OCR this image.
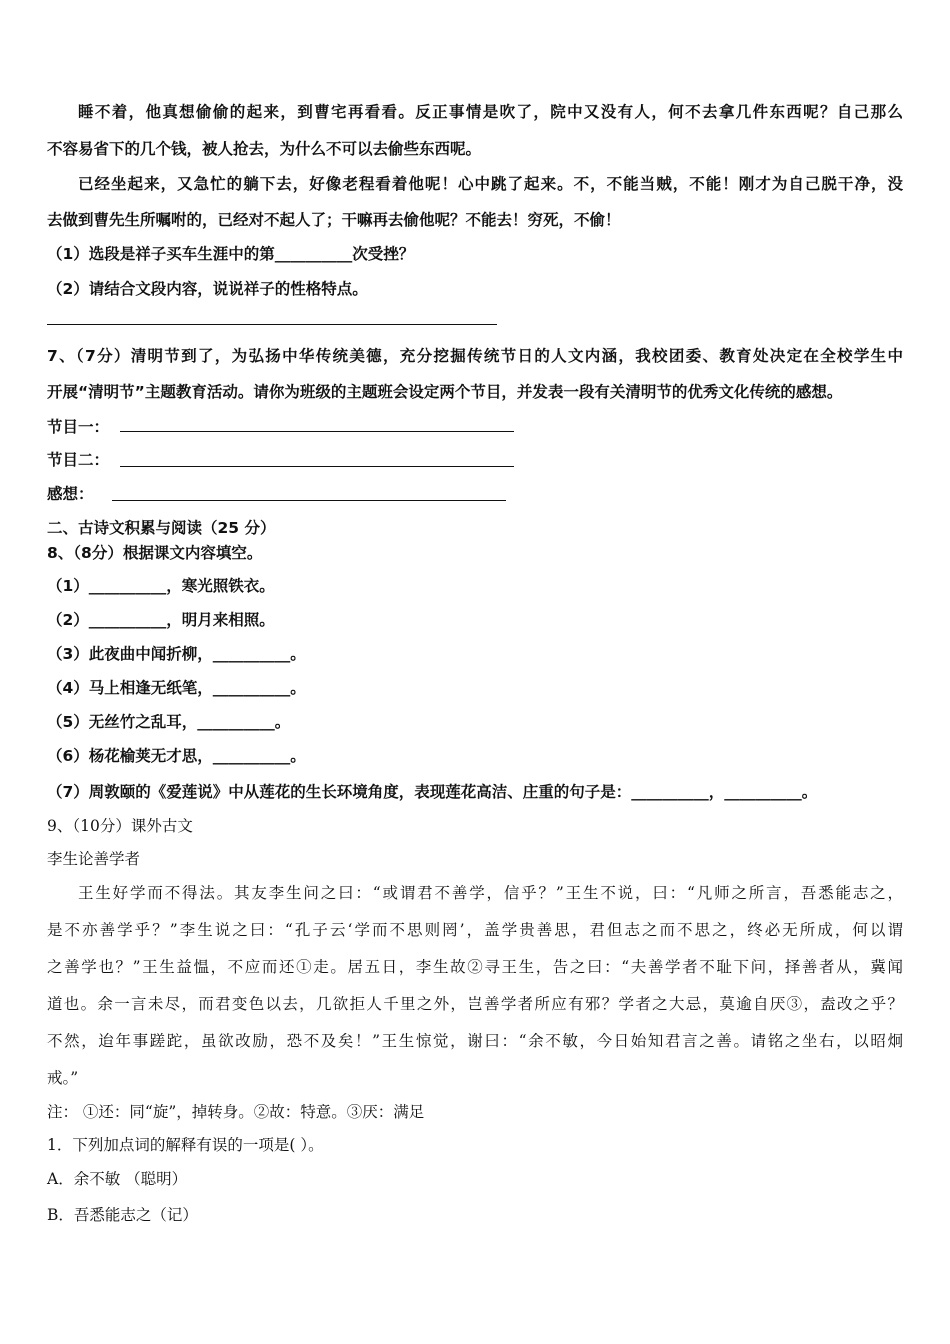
睡不着，他真想偷偷的起来，到曹宅再看看。反正事情是吹了，院中又没有人，何不去拿几件东西呢？自己那么
不容易省下的几个钱，被人抢去，为什么不可以去偷些东西呢。
已经坐起来，又急忙的躺下去，好像老程看着他呢！心中跳了起来。不，不能当贼，不能！刚才为自己脱干净，没
去做到曹先生所嘱咐的，已经对不起人了；干嘛再去偷他呢？不能去！穷死，不偷！
（1）选段是祥子买车生涯中的第__________次受挫？
（2）请结合文段内容，说说祥子的性格特点。
7、（7分）清明节到了，为弘扬中华传统美德，充分挖掘传统节日的人文内涵，我校团委、教育处决定在全校学生中
开展“清明节”主题教育活动。请你为班级的主题班会设定两个节目，并发表一段有关清明节的优秀文化传统的感想。
节目一：
节目二：
感想：
二、古诗文积累与阅读（25 分）
8、（8分）根据课文内容填空。
（1）__________，寒光照铁衣。
（2）__________，明月来相照。
（3）此夜曲中闻折柳，__________。
（4）马上相逢无纸笔，__________。
（5）无丝竹之乱耳，__________。
（6）杨花榆荚无才思，__________。
（7）周敦颐的《爱莲说》中从莲花的生长环境角度，表现莲花高洁、庄重的句子是：__________，__________。
9、（10分）课外古文
李生论善学者
王生好学而不得法。其友李生问之曰：“或谓君不善学，信乎？”王生不说，曰：“凡师之所言，吾悉能志之，
是不亦善学乎？”李生说之曰：“孔子云‘学而不思则罔’，盖学贵善思，君但志之而不思之，终必无所成，何以谓
之善学也？”王生益愠，不应而还①走。居五日，李生故②寻王生，告之曰：“夫善学者不耻下问，择善者从，冀闻
道也。余一言未尽，而君变色以去，几欲拒人千里之外，岂善学者所应有邪？学者之大忌，莫逾自厌③，盍改之乎？
不然，迨年事蹉跎，虽欲改励，恐不及矣！”王生惊觉，谢曰：“余不敏，今日始知君言之善。请铭之坐右，以昭炯
戒。”
注： ①还：同“旋”，掉转身。②故：特意。③厌：满足
1．下列加点词的解释有误的一项是( ）。
A．余不敏 （聪明）
B．吾悉能志之（记）
